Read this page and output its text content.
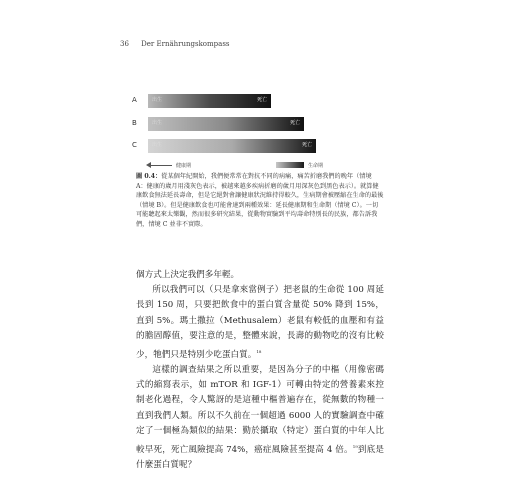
36 Der Ernährungskompass
A	出生	死亡
B	出生	死亡
C	出生	死亡
健康期	生命期
圖 0.4：從某個年紀開始，我們便常常在對抗不同的病痛，痛苦折磨我們的晚年（情境 A：健康的歲月用淺灰色表示，被越來越多疾病折磨的歲月用深灰色到黑色表示）。就算健康飲食無法延長壽命，但是它絕對會讓健康狀況維持得較久，生病期會被壓縮在生命的最後（情境 B）。但是健康飲食也可能會達到兩種效果：延長健康期和生命期（情境 C）。一切可能聽起來太樂觀，然而很多研究結果，從動物實驗到平均壽命特別長的民族，都告訴我們，情境 C 並非不實際。

個方式上決定我們多年輕。

所以我們可以（只是拿來當例子）把老鼠的生命從 100 周延長到 150 周，只要把飲食中的蛋白質含量從 50% 降到 15%，直到 5%。瑪土撒拉（Methusalem）老鼠有較低的血壓和有益的膽固醇值，要注意的是，整體來說，長壽的動物吃的沒有比較少，牠們只是特別少吃蛋白質。$^{18}$

這樣的調查結果之所以重要，是因為分子的中樞（用像密碼式的縮寫表示，如 mTOR 和 IGF-1）可轉由特定的營養素來控制老化過程，令人驚訝的是這種中樞普遍存在，從無數的物種一直到我們人類。所以不久前在一個超過 6000 人的實驗調查中確定了一個極為類似的結果：勤於攝取（特定）蛋白質的中年人比較早死，死亡風險提高 74%，癌症風險甚至提高 4 倍。$^{19}$到底是什麼蛋白質呢？
